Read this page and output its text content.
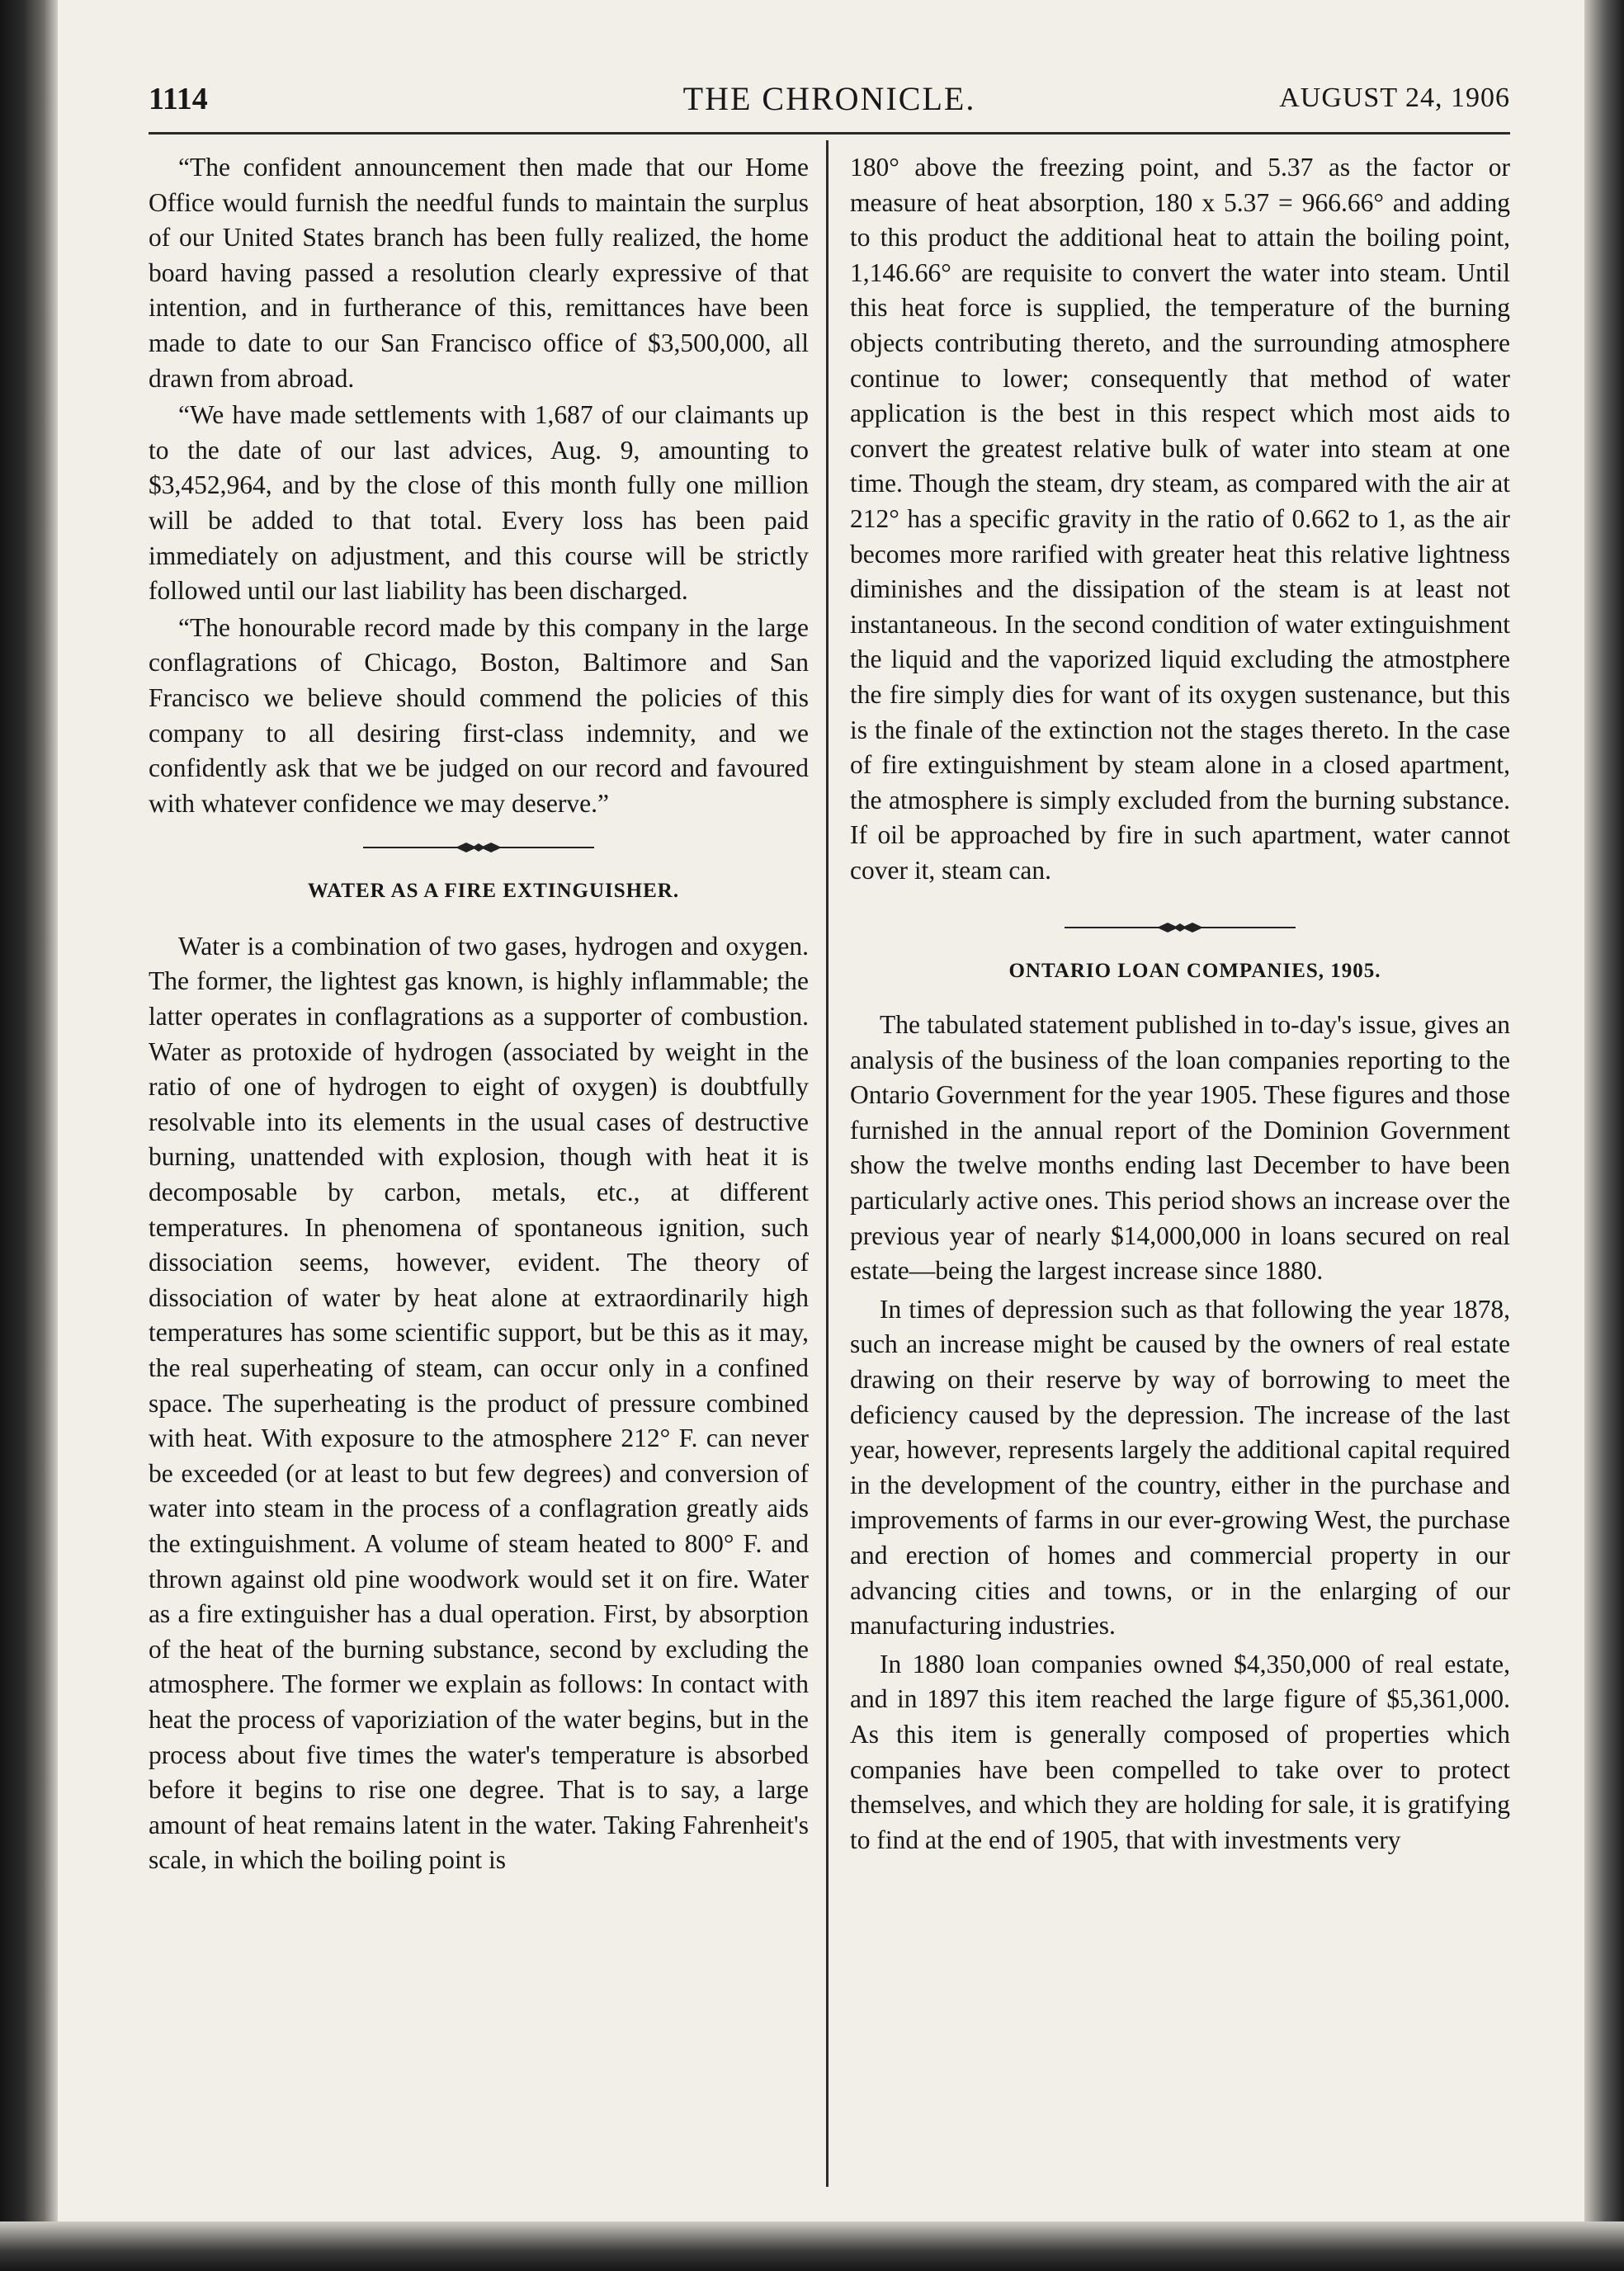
1114	THE CHRONICLE.	AUGUST 24, 1906

“The confident announcement then made that our Home Office would furnish the needful funds to maintain the surplus of our United States branch has been fully realized, the home board having passed a resolution clearly expressive of that intention, and in furtherance of this, remittances have been made to date to our San Francisco office of $3,500,000, all drawn from abroad.

“We have made settlements with 1,687 of our claimants up to the date of our last advices, Aug. 9, amounting to $3,452,964, and by the close of this month fully one million will be added to that total. Every loss has been paid immediately on adjustment, and this course will be strictly followed until our last liability has been discharged.

“The honourable record made by this company in the large conflagrations of Chicago, Boston, Baltimore and San Francisco we believe should commend the policies of this company to all desiring first-class indemnity, and we confidently ask that we be judged on our record and favoured with whatever confidence we may deserve.”

WATER AS A FIRE EXTINGUISHER.

Water is a combination of two gases, hydrogen and oxygen. The former, the lightest gas known, is highly inflammable; the latter operates in conflagrations as a supporter of combustion. Water as protoxide of hydrogen (associated by weight in the ratio of one of hydrogen to eight of oxygen) is doubtfully resolvable into its elements in the usual cases of destructive burning, unattended with explosion, though with heat it is decomposable by carbon, metals, etc., at different temperatures. In phenomena of spontaneous ignition, such dissociation seems, however, evident. The theory of dissociation of water by heat alone at extraordinarily high temperatures has some scientific support, but be this as it may, the real superheating of steam, can occur only in a confined space. The superheating is the product of pressure combined with heat. With exposure to the atmosphere 212° F. can never be exceeded (or at least to but few degrees) and conversion of water into steam in the process of a conflagration greatly aids the extinguishment. A volume of steam heated to 800° F. and thrown against old pine woodwork would set it on fire. Water as a fire extinguisher has a dual operation. First, by absorption of the heat of the burning substance, second by excluding the atmosphere. The former we explain as follows: In contact with heat the process of vaporiziation of the water begins, but in the process about five times the water's temperature is absorbed before it begins to rise one degree. That is to say, a large amount of heat remains latent in the water. Taking Fahrenheit's scale, in which the boiling point is

180° above the freezing point, and 5.37 as the factor or measure of heat absorption, 180 x 5.37 = 966.66° and adding to this product the additional heat to attain the boiling point, 1,146.66° are requisite to convert the water into steam. Until this heat force is supplied, the temperature of the burning objects contributing thereto, and the surrounding atmosphere continue to lower; consequently that method of water application is the best in this respect which most aids to convert the greatest relative bulk of water into steam at one time. Though the steam, dry steam, as compared with the air at 212° has a specific gravity in the ratio of 0.662 to 1, as the air becomes more rarified with greater heat this relative lightness diminishes and the dissipation of the steam is at least not instantaneous. In the second condition of water extinguishment the liquid and the vaporized liquid excluding the atmostphere the fire simply dies for want of its oxygen sustenance, but this is the finale of the extinction not the stages thereto. In the case of fire extinguishment by steam alone in a closed apartment, the atmosphere is simply excluded from the burning substance. If oil be approached by fire in such apartment, water cannot cover it, steam can.

ONTARIO LOAN COMPANIES, 1905.

The tabulated statement published in to-day's issue, gives an analysis of the business of the loan companies reporting to the Ontario Government for the year 1905. These figures and those furnished in the annual report of the Dominion Government show the twelve months ending last December to have been particularly active ones. This period shows an increase over the previous year of nearly $14,000,000 in loans secured on real estate—being the largest increase since 1880.

In times of depression such as that following the year 1878, such an increase might be caused by the owners of real estate drawing on their reserve by way of borrowing to meet the deficiency caused by the depression. The increase of the last year, however, represents largely the additional capital required in the development of the country, either in the purchase and improvements of farms in our ever-growing West, the purchase and erection of homes and commercial property in our advancing cities and towns, or in the enlarging of our manufacturing industries.

In 1880 loan companies owned $4,350,000 of real estate, and in 1897 this item reached the large figure of $5,361,000. As this item is generally composed of properties which companies have been compelled to take over to protect themselves, and which they are holding for sale, it is gratifying to find at the end of 1905, that with investments very
